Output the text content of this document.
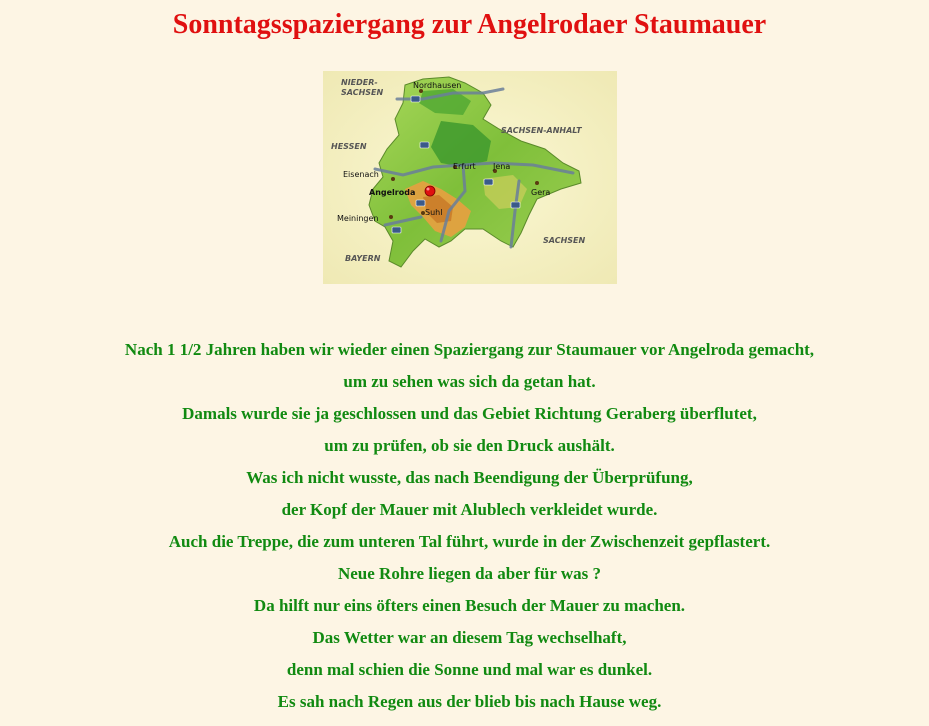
Sonntagsspaziergang zur Angelrodaer Staumauer
NIEDER-
SACHSEN
HESSEN
SACHSEN-ANHALT
SACHSEN
BAYERN
Nordhausen
Erfurt Jena
Eisenach
Gera
Angelroda
Suhl
Meiningen

Nach 1 1/2 Jahren haben wir wieder einen Spaziergang zur Staumauer vor Angelroda gemacht,

um zu sehen was sich da getan hat.

Damals wurde sie ja geschlossen und das Gebiet Richtung Geraberg überflutet,

um zu prüfen, ob sie den Druck aushält.

Was ich nicht wusste, das nach Beendigung der Überprüfung,

der Kopf der Mauer mit Alublech verkleidet wurde.

Auch die Treppe, die zum unteren Tal führt, wurde in der Zwischenzeit gepflastert.

Neue Rohre liegen da aber für was ?

Da hilft nur eins öfters einen Besuch der Mauer zu machen.

Das Wetter war an diesem Tag wechselhaft,

denn mal schien die Sonne und mal war es dunkel.

Es sah nach Regen aus der blieb bis nach Hause weg.
